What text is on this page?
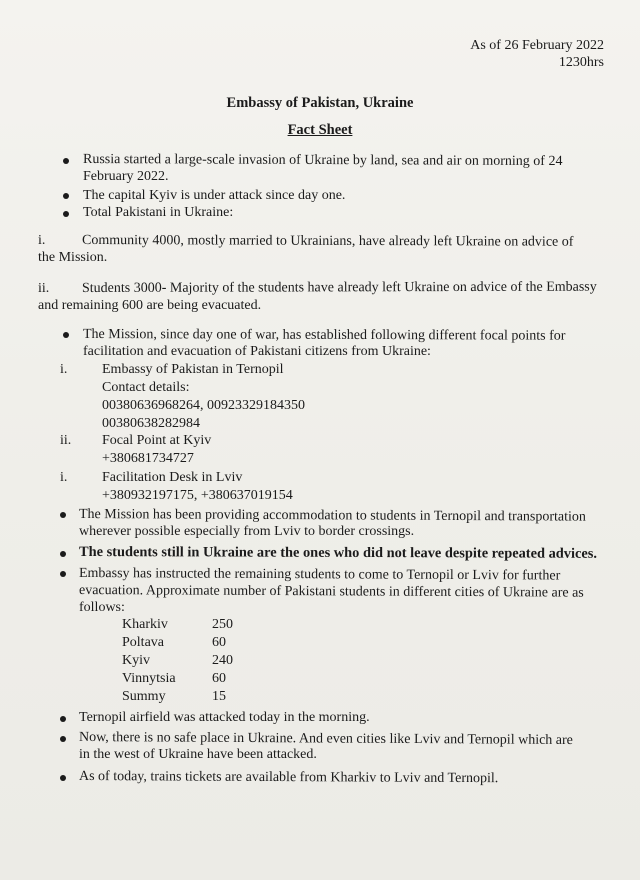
As of 26 February 2022
1230hrs
Embassy of Pakistan, Ukraine
Fact Sheet
Russia started a large-scale invasion of Ukraine by land, sea and air on morning of 24
February 2022.
The capital Kyiv is under attack since day one.
Total Pakistani in Ukraine:
i.	Community 4000, mostly married to Ukrainians, have already left Ukraine on advice of
the Mission.
ii. Students 3000- Majority of the students have already left Ukraine on advice of the Embassy
and remaining 600 are being evacuated.
The Mission, since day one of war, has established following different focal points for
facilitation and evacuation of Pakistani citizens from Ukraine:
i. Embassy of Pakistan in Ternopil
Contact details:
00380636968264, 00923329184350
00380638282984
ii. Focal Point at Kyiv
+380681734727
i. Facilitation Desk in Lviv
+380932197175, +380637019154
The Mission has been providing accommodation to students in Ternopil and transportation
wherever possible especially from Lviv to border crossings.
The students still in Ukraine are the ones who did not leave despite repeated advices.
Embassy has instructed the remaining students to come to Ternopil or Lviv for further
evacuation. Approximate number of Pakistani students in different cities of Ukraine are as
follows:
Kharkiv	250
Poltava	60
Kyiv	240
Vinnytsia	60
Summy	15
Ternopil airfield was attacked today in the morning.
Now, there is no safe place in Ukraine. And even cities like Lviv and Ternopil which are
in the west of Ukraine have been attacked.
As of today, trains tickets are available from Kharkiv to Lviv and Ternopil.
